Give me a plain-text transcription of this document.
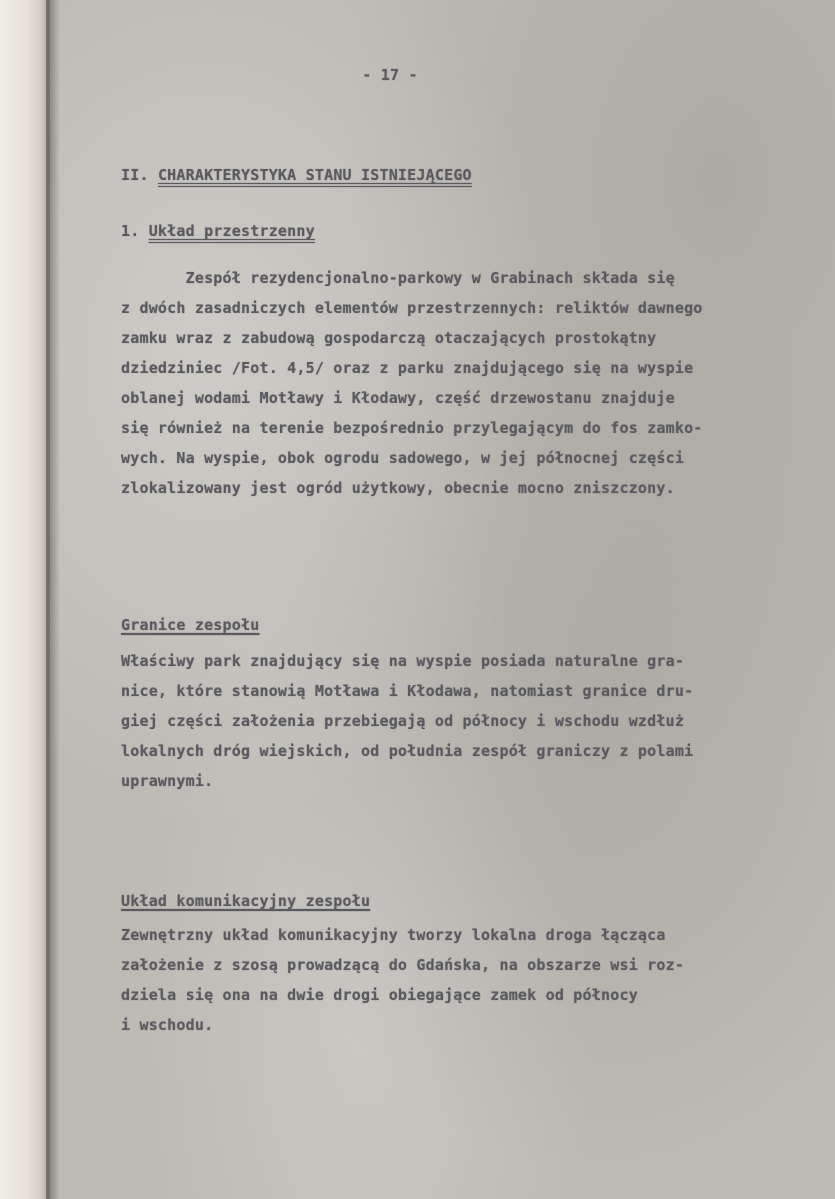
- 17 -
II. CHARAKTERYSTYKA STANU ISTNIEJĄCEGO
1. Układ przestrzenny
Zespół rezydencjonalno-parkowy w Grabinach składa się
z dwóch zasadniczych elementów przestrzennych: reliktów dawnego
zamku wraz z zabudową gospodarczą otaczających prostokątny
dziedziniec /Fot. 4,5/ oraz z parku znajdującego się na wyspie
oblanej wodami Motławy i Kłodawy, część drzewostanu znajduje
się również na terenie bezpośrednio przylegającym do fos zamko-
wych. Na wyspie, obok ogrodu sadowego, w jej północnej części
zlokalizowany jest ogród użytkowy, obecnie mocno zniszczony.
Granice zespołu
Właściwy park znajdujący się na wyspie posiada naturalne gra-
nice, które stanowią Motława i Kłodawa, natomiast granice dru-
giej części założenia przebiegają od północy i wschodu wzdłuż
lokalnych dróg wiejskich, od południa zespół graniczy z polami
uprawnymi.
Układ komunikacyjny zespołu
Zewnętrzny układ komunikacyjny tworzy lokalna droga łącząca
założenie z szosą prowadzącą do Gdańska, na obszarze wsi roz-
dziela się ona na dwie drogi obiegające zamek od północy
i wschodu.
